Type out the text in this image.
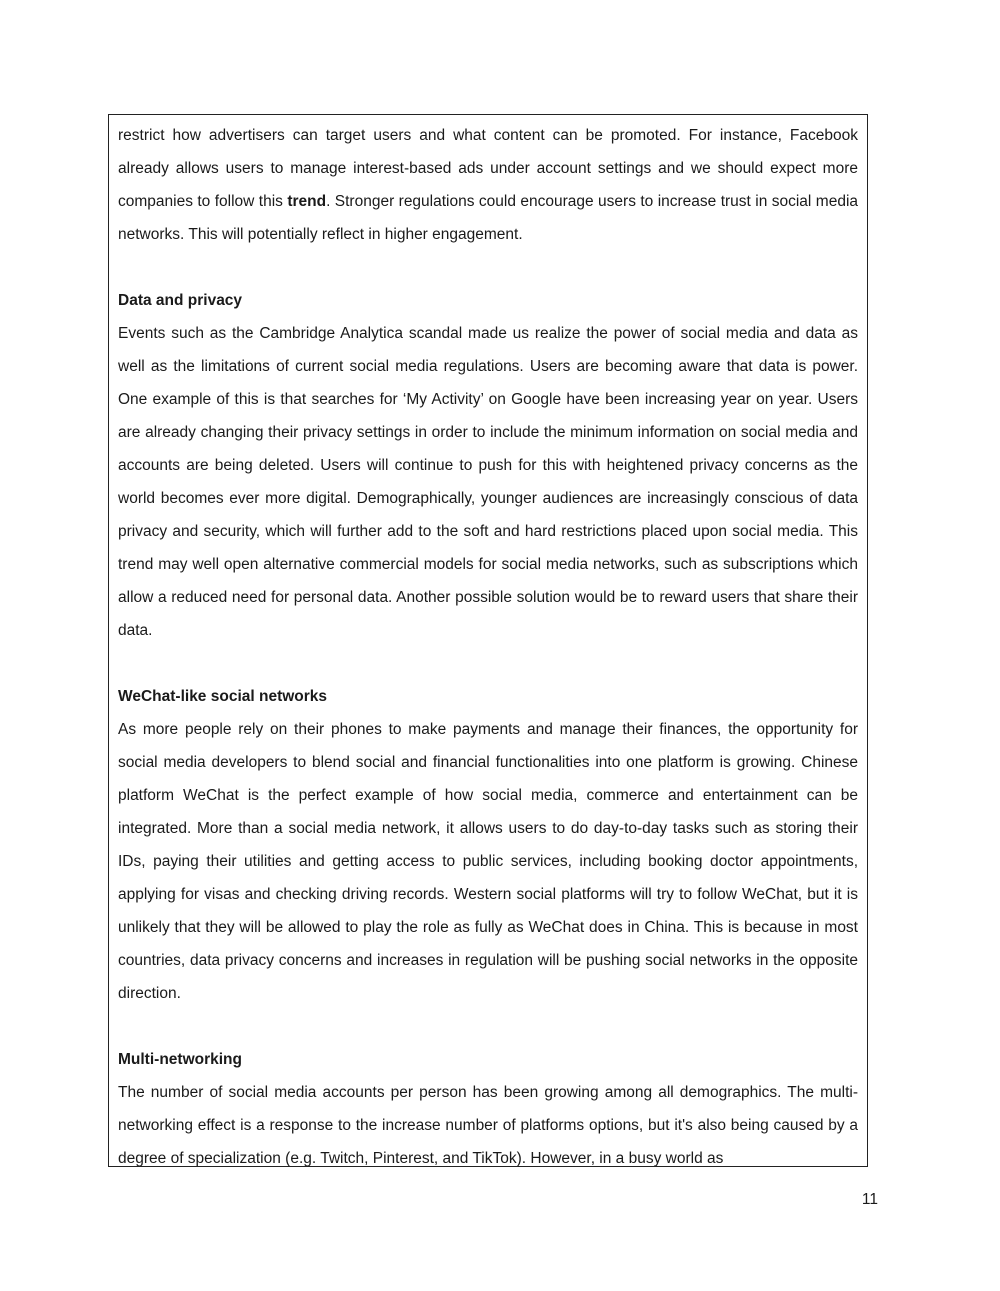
restrict how advertisers can target users and what content can be promoted. For instance, Facebook already allows users to manage interest-based ads under account settings and we should expect more companies to follow this trend. Stronger regulations could encourage users to increase trust in social media networks. This will potentially reflect in higher engagement.

Data and privacy

Events such as the Cambridge Analytica scandal made us realize the power of social media and data as well as the limitations of current social media regulations. Users are becoming aware that data is power. One example of this is that searches for ‘My Activity’ on Google have been increasing year on year. Users are already changing their privacy settings in order to include the minimum information on social media and accounts are being deleted. Users will continue to push for this with heightened privacy concerns as the world becomes ever more digital. Demographically, younger audiences are increasingly conscious of data privacy and security, which will further add to the soft and hard restrictions placed upon social media. This trend may well open alternative commercial models for social media networks, such as subscriptions which allow a reduced need for personal data. Another possible solution would be to reward users that share their data.

WeChat-like social networks

As more people rely on their phones to make payments and manage their finances, the opportunity for social media developers to blend social and financial functionalities into one platform is growing. Chinese platform WeChat is the perfect example of how social media, commerce and entertainment can be integrated. More than a social media network, it allows users to do day-to-day tasks such as storing their IDs, paying their utilities and getting access to public services, including booking doctor appointments, applying for visas and checking driving records. Western social platforms will try to follow WeChat, but it is unlikely that they will be allowed to play the role as fully as WeChat does in China. This is because in most countries, data privacy concerns and increases in regulation will be pushing social networks in the opposite direction.

Multi-networking

The number of social media accounts per person has been growing among all demographics. The multi-networking effect is a response to the increase number of platforms options, but it's also being caused by a degree of specialization (e.g. Twitch, Pinterest, and TikTok). However, in a busy world as

11
